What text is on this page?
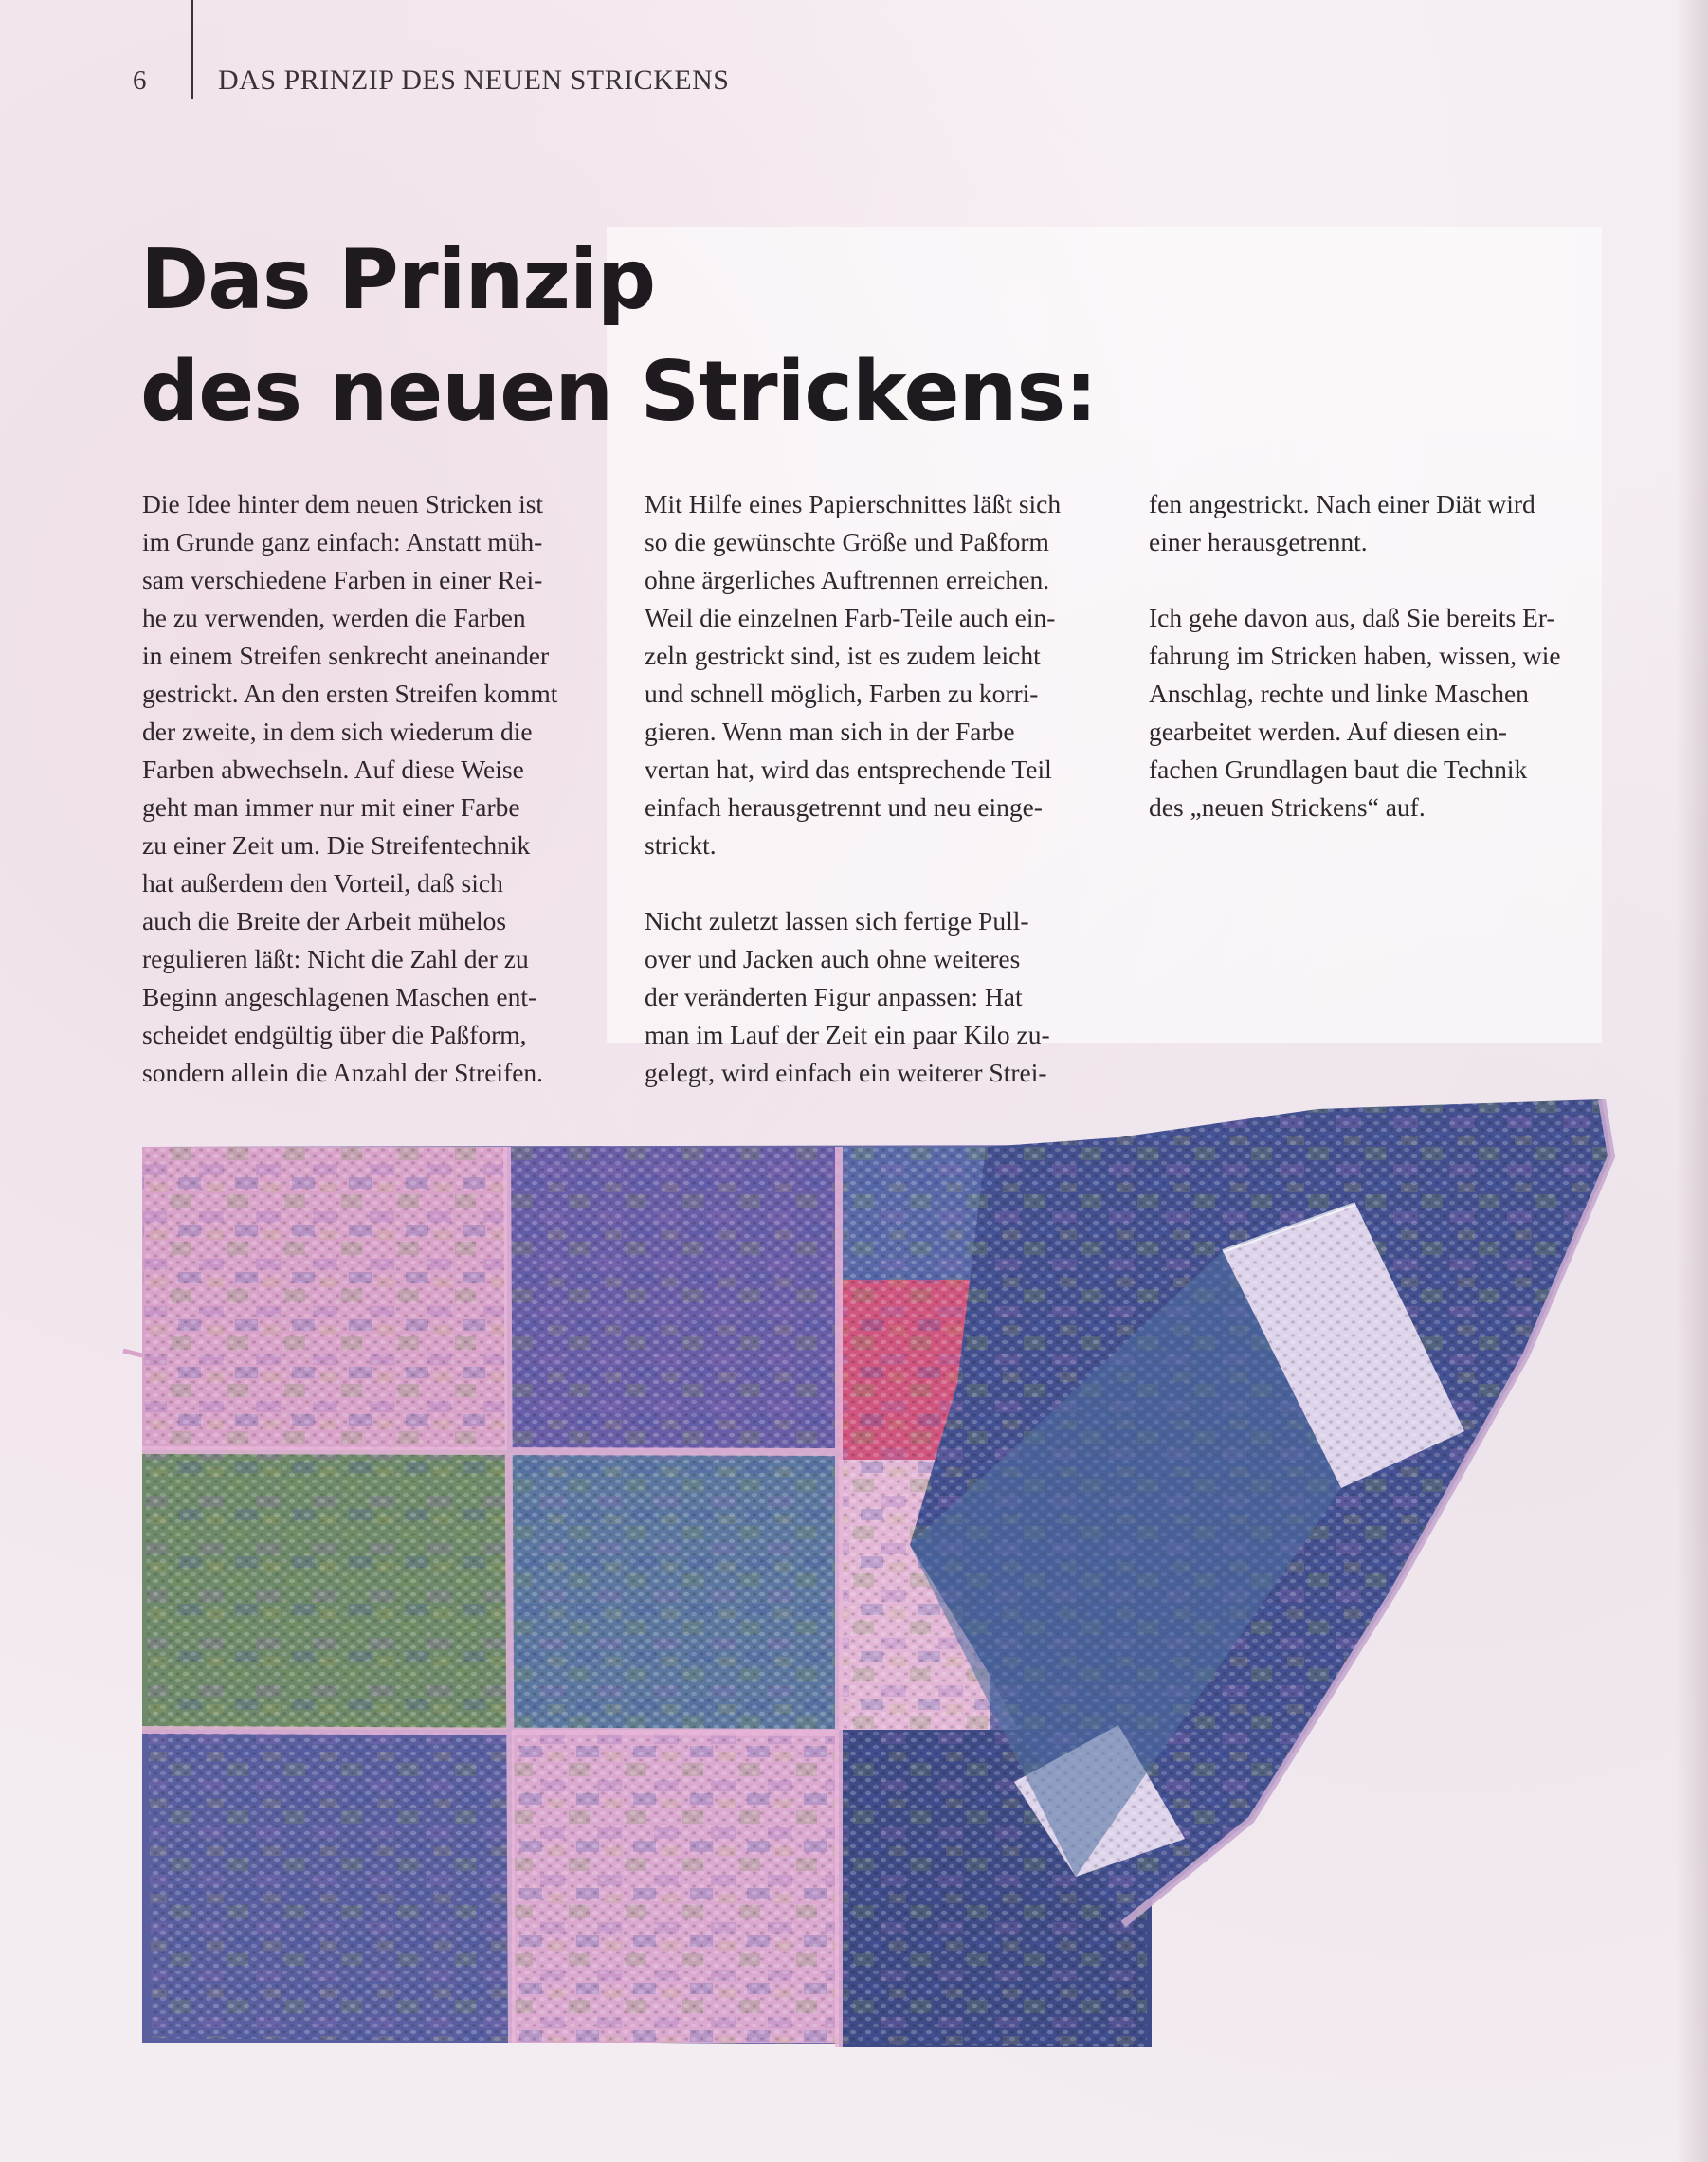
6	DAS PRINZIP DES NEUEN STRICKENS
Das Prinzip
des neuen Strickens:

Die Idee hinter dem neuen Stricken ist
im Grunde ganz einfach: Anstatt müh-
sam verschiedene Farben in einer Rei-
he zu verwenden, werden die Farben
in einem Streifen senkrecht aneinander
gestrickt. An den ersten Streifen kommt
der zweite, in dem sich wiederum die
Farben abwechseln. Auf diese Weise
geht man immer nur mit einer Farbe
zu einer Zeit um. Die Streifentechnik
hat außerdem den Vorteil, daß sich
auch die Breite der Arbeit mühelos
regulieren läßt: Nicht die Zahl der zu
Beginn angeschlagenen Maschen ent-
scheidet endgültig über die Paßform,
sondern allein die Anzahl der Streifen.

Mit Hilfe eines Papierschnittes läßt sich
so die gewünschte Größe und Paßform
ohne ärgerliches Auftrennen erreichen.
Weil die einzelnen Farb-Teile auch ein-
zeln gestrickt sind, ist es zudem leicht
und schnell möglich, Farben zu korri-
gieren. Wenn man sich in der Farbe
vertan hat, wird das entsprechende Teil
einfach herausgetrennt und neu einge-
strickt.

Nicht zuletzt lassen sich fertige Pull-
over und Jacken auch ohne weiteres
der veränderten Figur anpassen: Hat
man im Lauf der Zeit ein paar Kilo zu-
gelegt, wird einfach ein weiterer Strei-

fen angestrickt. Nach einer Diät wird
einer herausgetrennt.

Ich gehe davon aus, daß Sie bereits Er-
fahrung im Stricken haben, wissen, wie
Anschlag, rechte und linke Maschen
gearbeitet werden. Auf diesen ein-
fachen Grundlagen baut die Technik
des „neuen Strickens“ auf.
